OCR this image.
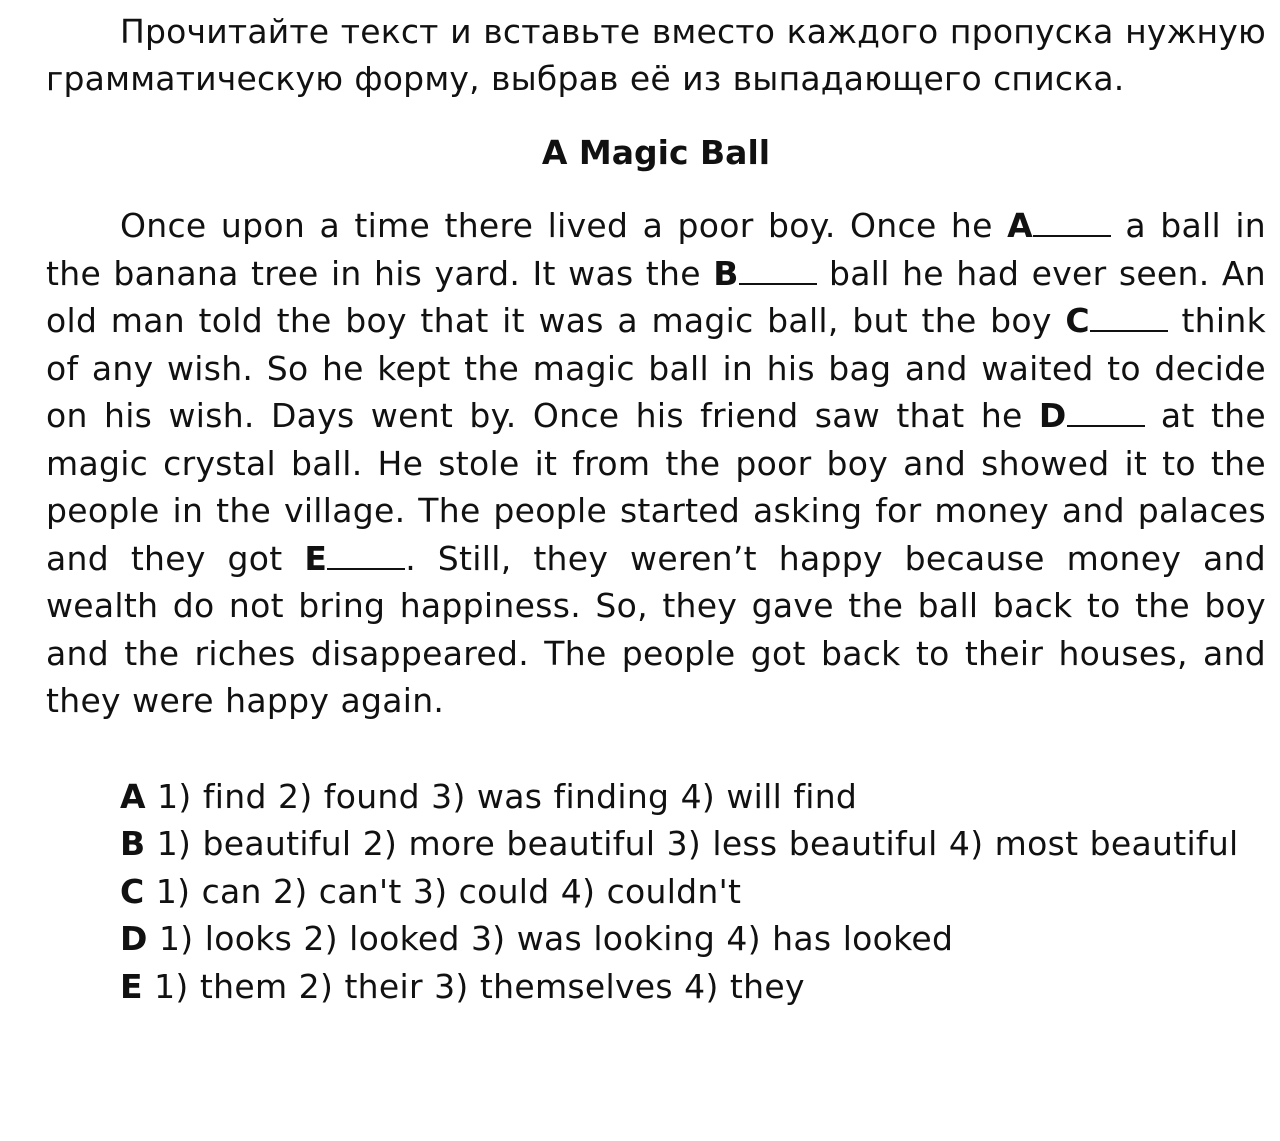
Прочитайте текст и вставьте вместо каждого пропуска нужную грамматическую форму, выбрав её из выпадающего списка.

A Magic Ball

Once upon a time there lived a poor boy. Once he A a ball in the banana tree in his yard. It was the B ball he had ever seen. An old man told the boy that it was a magic ball, but the boy C think of any wish. So he kept the magic ball in his bag and waited to decide on his wish. Days went by. Once his friend saw that he D at the magic crystal ball. He stole it from the poor boy and showed it to the people in the village. The people started asking for money and palaces and they got E . Still, they weren’t happy because money and wealth do not bring happiness. So, they gave the ball back to the boy and the riches disappeared. The people got back to their houses, and they were happy again.

A 1) find 2) found 3) was finding 4) will find

B 1) beautiful 2) more beautiful 3) less beautiful 4) most beautiful

C 1) can 2) can't 3) could 4) couldn't

D 1) looks 2) looked 3) was looking 4) has looked

E 1) them 2) their 3) themselves 4) they
